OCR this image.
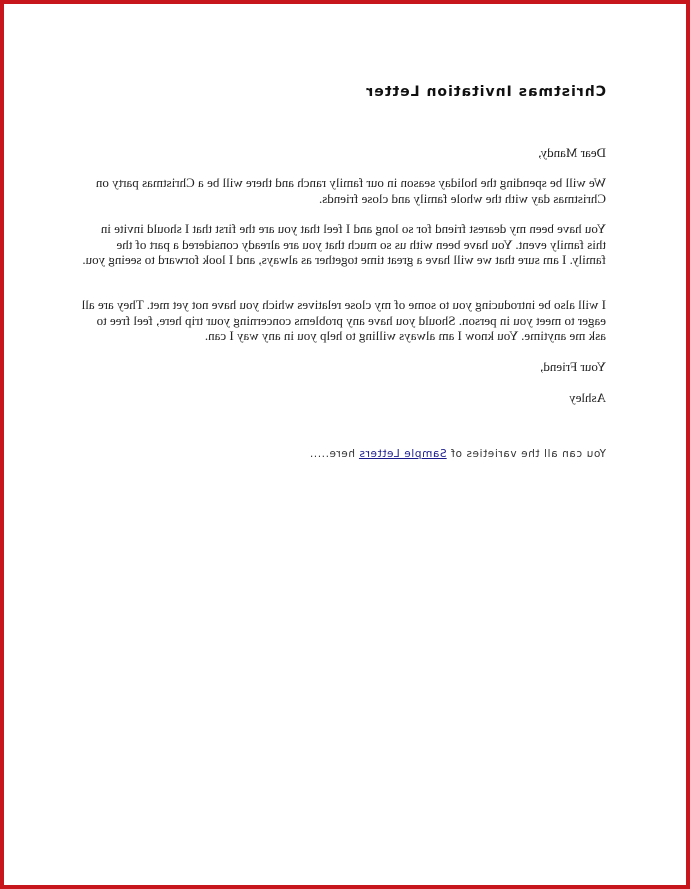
Christmas Invitation Letter

Dear Mandy,

We will be spending the holiday season in our family ranch and there will be a Christmas party on Christmas day with the whole family and close friends.

You have been my dearest friend for so long and I feel that you are the first that I should invite in this family event. You have been with us so much that you are already considered a part of the family. I am sure that we will have a great time together as always, and I look forward to seeing you.

I will also be introducing you to some of my close relatives which you have not yet met. They are all eager to meet you in person. Should you have any problems concerning your trip here, feel free to ask me anytime. You know I am always willing to help you in any way I can.

Your Friend,

Ashley

You can all the varieties of Sample Letters here.....
